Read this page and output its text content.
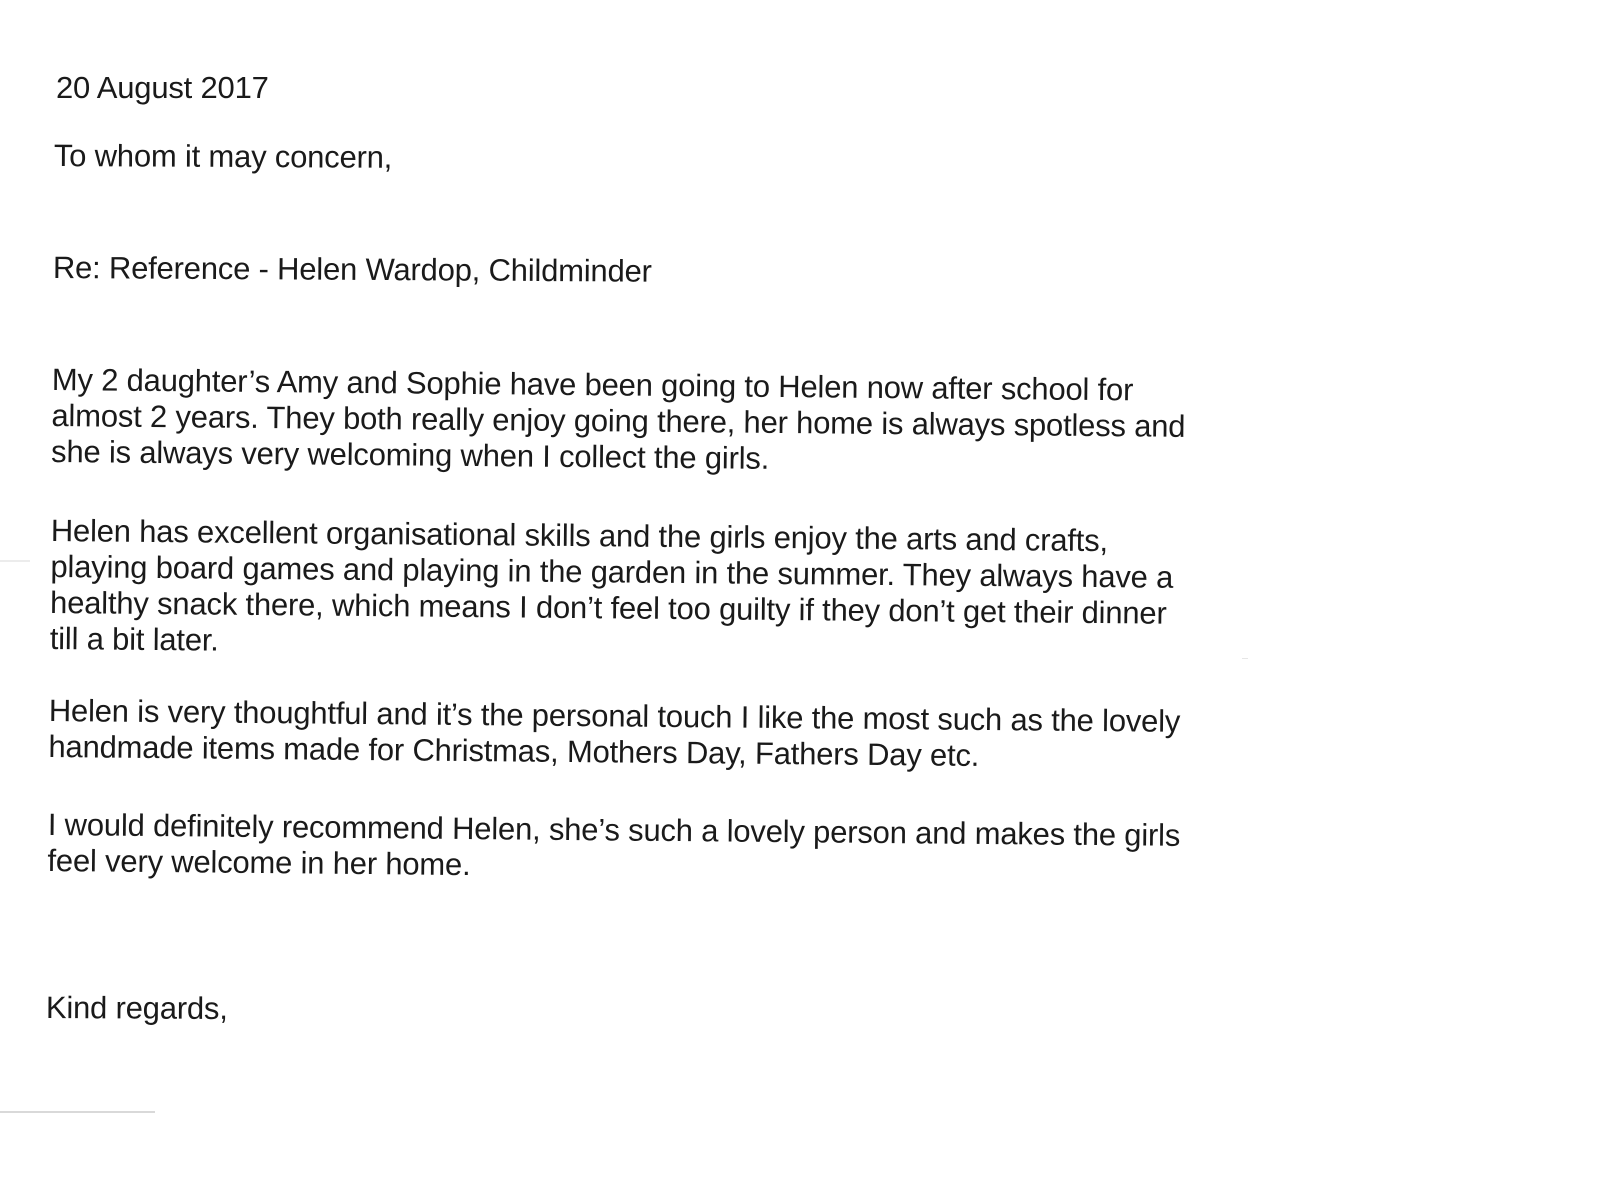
20 August 2017
To whom it may concern,
Re: Reference - Helen Wardop, Childminder
My 2 daughter’s Amy and Sophie have been going to Helen now after school for
almost 2 years. They both really enjoy going there, her home is always spotless and
she is always very welcoming when I collect the girls.
Helen has excellent organisational skills and the girls enjoy the arts and crafts,
playing board games and playing in the garden in the summer. They always have a
healthy snack there, which means I don’t feel too guilty if they don’t get their dinner
till a bit later.
Helen is very thoughtful and it’s the personal touch I like the most such as the lovely
handmade items made for Christmas, Mothers Day, Fathers Day etc.
I would definitely recommend Helen, she’s such a lovely person and makes the girls
feel very welcome in her home.
Kind regards,
